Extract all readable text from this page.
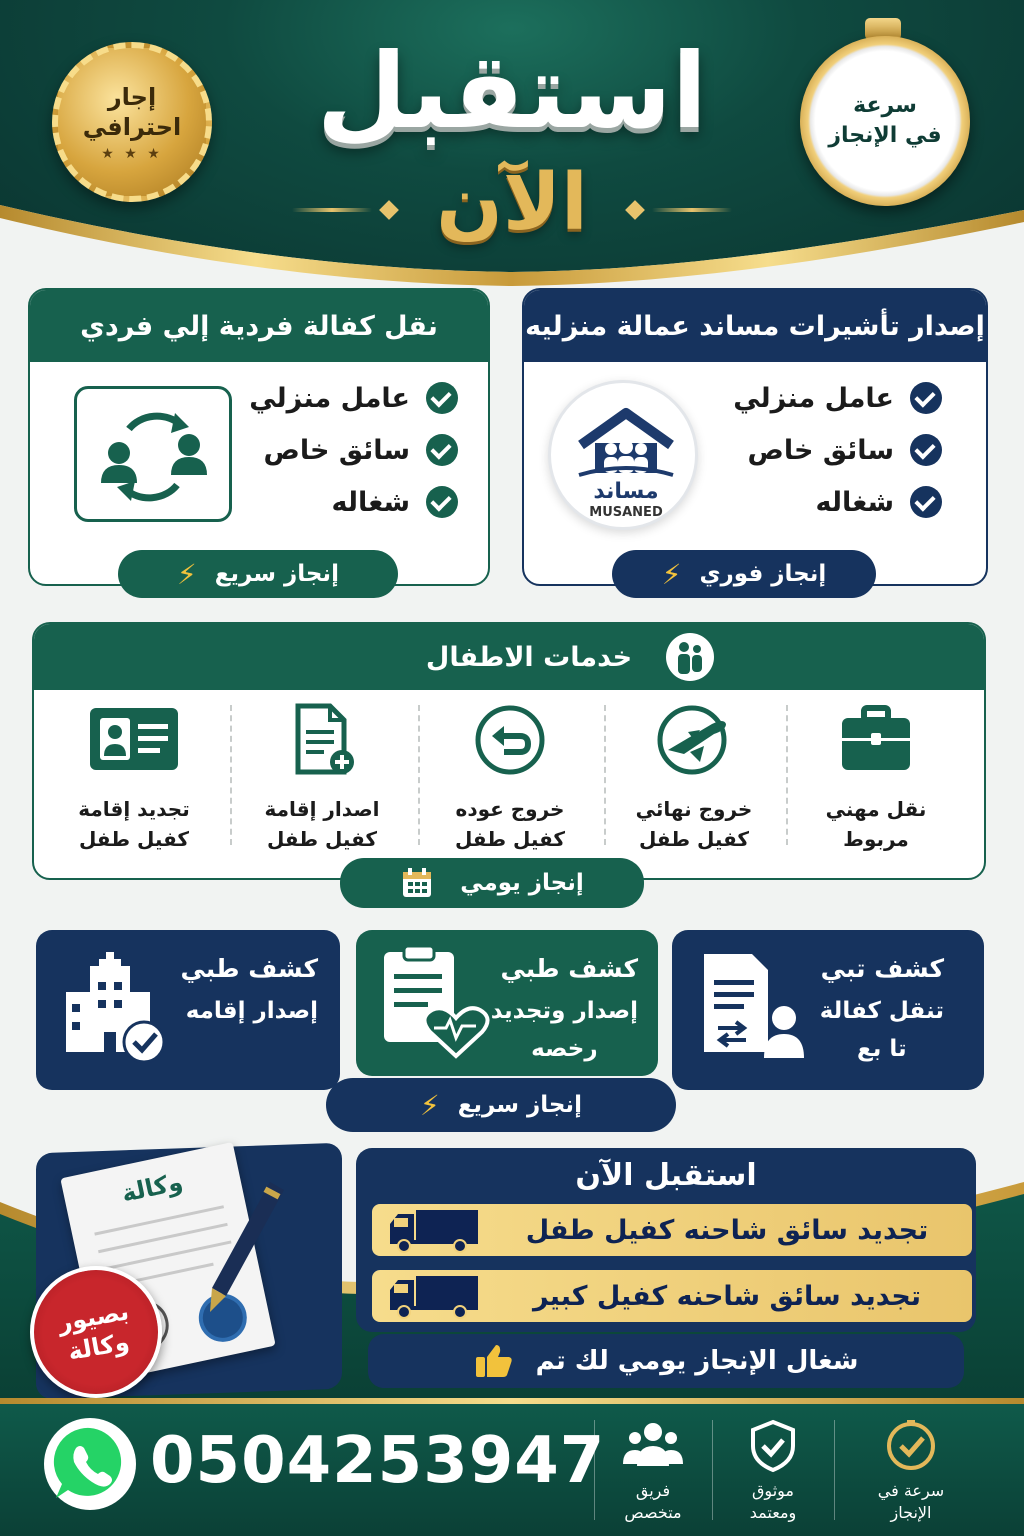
إجار
احترافي
★ ★ ★
سرعة
في الإنجاز
استقبل
الآن
إصدار تأشيرات مساند عمالة منزليه
عامل منزلي
سائق خاص
شغاله
مساند
MUSANED
إنجاز فوري
⚡
نقل كفالة فردية إلي فردي
عامل منزلي
سائق خاص
شغاله
إنجاز سريع
⚡
خدمات الاطفال
نقل مهني
مربوط
خروج نهائي
كفيل طفل
خروج عوده
كفيل طفل
اصدار إقامة
كفيل طفل
تجديد إقامة
كفيل طفل
إنجاز يومي
كشف تبي
تنقل كفالة
تا بع
كشف طبي
إصدار وتجديد
رخصه
كشف طبي
إصدار إقامه
إنجاز سريع
⚡
وكالة
بصيور
وكالة
استقبل الآن
تجديد سائق شاحنه كفيل طفل
تجديد سائق شاحنه كفيل كبير
شغال الإنجاز يومي لك تم
0504253947	سرعة في
الإنجاز
موثوق
ومعتمد
فريق
متخصص
